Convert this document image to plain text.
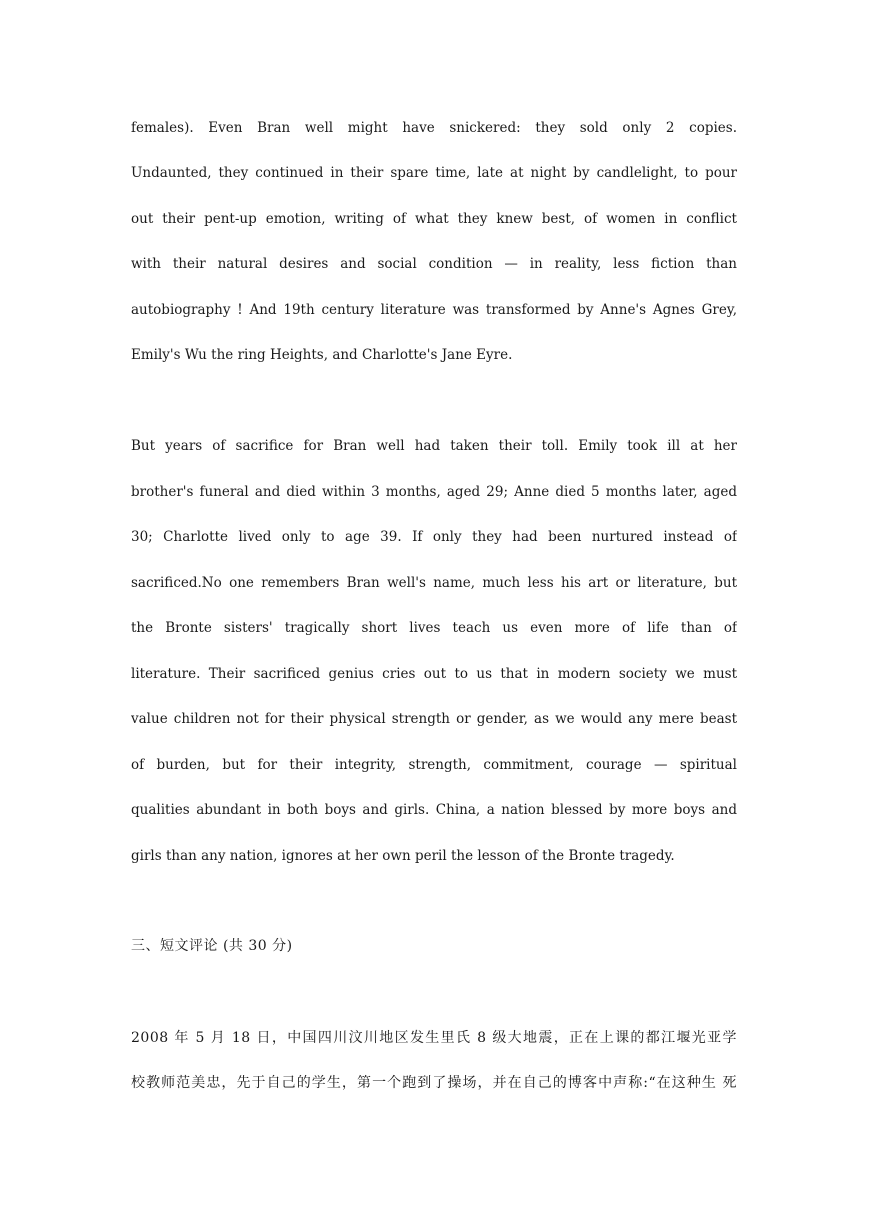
females). Even Bran well might have snickered: they sold only 2 copies.
Undaunted, they continued in their spare time, late at night by candlelight, to pour
out their pent-up emotion, writing of what they knew best, of women in conflict
with their natural desires and social condition — in reality, less fiction than
autobiography ! And 19th century literature was transformed by Anne's Agnes Grey,
Emily's Wu the ring Heights, and Charlotte's Jane Eyre.
But years of sacrifice for Bran well had taken their toll. Emily took ill at her
brother's funeral and died within 3 months, aged 29; Anne died 5 months later, aged
30; Charlotte lived only to age 39. If only they had been nurtured instead of
sacrificed.No one remembers Bran well's name, much less his art or literature, but
the Bronte sisters' tragically short lives teach us even more of life than of
literature. Their sacrificed genius cries out to us that in modern society we must
value children not for their physical strength or gender, as we would any mere beast
of burden, but for their integrity, strength, commitment, courage — spiritual
qualities abundant in both boys and girls. China, a nation blessed by more boys and
girls than any nation, ignores at her own peril the lesson of the Bronte tragedy.
三、短文评论 (共 30 分)
2008 年 5 月 18 日，中国四川汶川地区发生里氏 8 级大地震，正在上课的都江堰光亚学
校教师范美忠，先于自己的学生，第一个跑到了操场，并在自己的博客中声称:“在这种生 死
